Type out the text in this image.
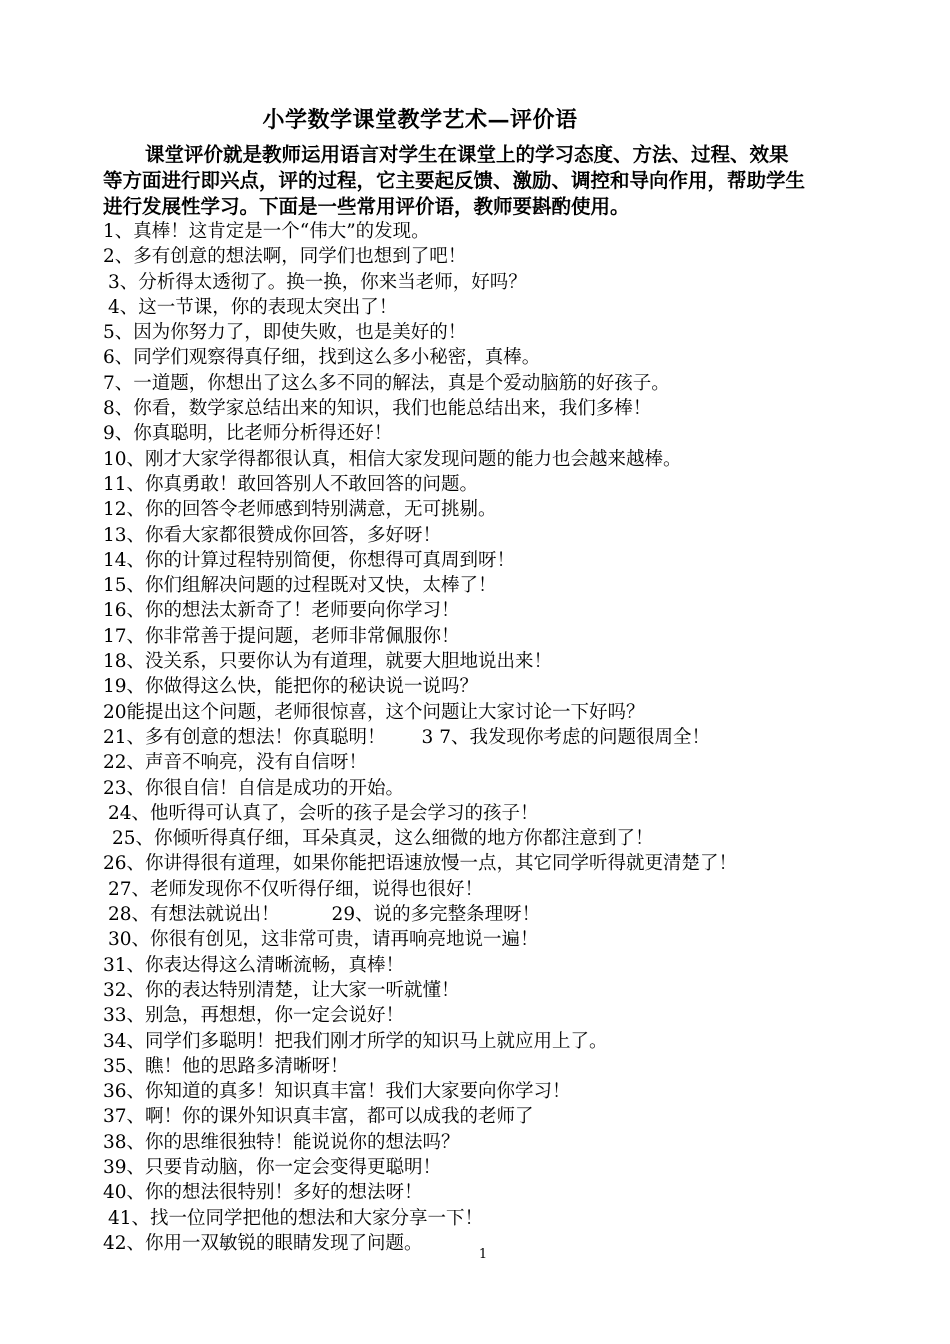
小学数学课堂教学艺术—评价语
课堂评价就是教师运用语言对学生在课堂上的学习态度、方法、过程、效果
等方面进行即兴点，评的过程，它主要起反馈、激励、调控和导向作用，帮助学生
进行发展性学习。下面是一些常用评价语，教师要斟酌使用。
1、真棒！这肯定是一个“伟大”的发现。
2、多有创意的想法啊，同学们也想到了吧！
3、分析得太透彻了。换一换，你来当老师，好吗？
4、这一节课，你的表现太突出了！
5、因为你努力了，即使失败，也是美好的！
6、同学们观察得真仔细，找到这么多小秘密，真棒。
7、一道题，你想出了这么多不同的解法，真是个爱动脑筋的好孩子。
8、你看，数学家总结出来的知识，我们也能总结出来，我们多棒！
9、你真聪明，比老师分析得还好！
10、刚才大家学得都很认真，相信大家发现问题的能力也会越来越棒。
11、你真勇敢！敢回答别人不敢回答的问题。
12、你的回答令老师感到特别满意，无可挑剔。
13、你看大家都很赞成你回答，多好呀！
14、你的计算过程特别简便，你想得可真周到呀！
15、你们组解决问题的过程既对又快，太棒了！
16、你的想法太新奇了！老师要向你学习！
17、你非常善于提问题，老师非常佩服你！
18、没关系，只要你认为有道理，就要大胆地说出来！
19、你做得这么快，能把你的秘诀说一说吗？
20能提出这个问题，老师很惊喜，这个问题让大家讨论一下好吗？
21、多有创意的想法！你真聪明！ 3 7、我发现你考虑的问题很周全！
22、声音不响亮，没有自信呀！
23、你很自信！自信是成功的开始。
24、他听得可认真了，会听的孩子是会学习的孩子！
25、你倾听得真仔细，耳朵真灵，这么细微的地方你都注意到了！
26、你讲得很有道理，如果你能把语速放慢一点，其它同学听得就更清楚了！
27、老师发现你不仅听得仔细，说得也很好！
28、有想法就说出！	29、说的多完整条理呀！
30、你很有创见，这非常可贵，请再响亮地说一遍！
31、你表达得这么清晰流畅，真棒！
32、你的表达特别清楚，让大家一听就懂！
33、别急，再想想，你一定会说好！
34、同学们多聪明！把我们刚才所学的知识马上就应用上了。
35、瞧！他的思路多清晰呀！
36、你知道的真多！知识真丰富！我们大家要向你学习！
37、啊！你的课外知识真丰富，都可以成我的老师了
38、你的思维很独特！能说说你的想法吗？
39、只要肯动脑，你一定会变得更聪明！
40、你的想法很特别！多好的想法呀！
41、找一位同学把他的想法和大家分享一下！
42、你用一双敏锐的眼睛发现了问题。
1
